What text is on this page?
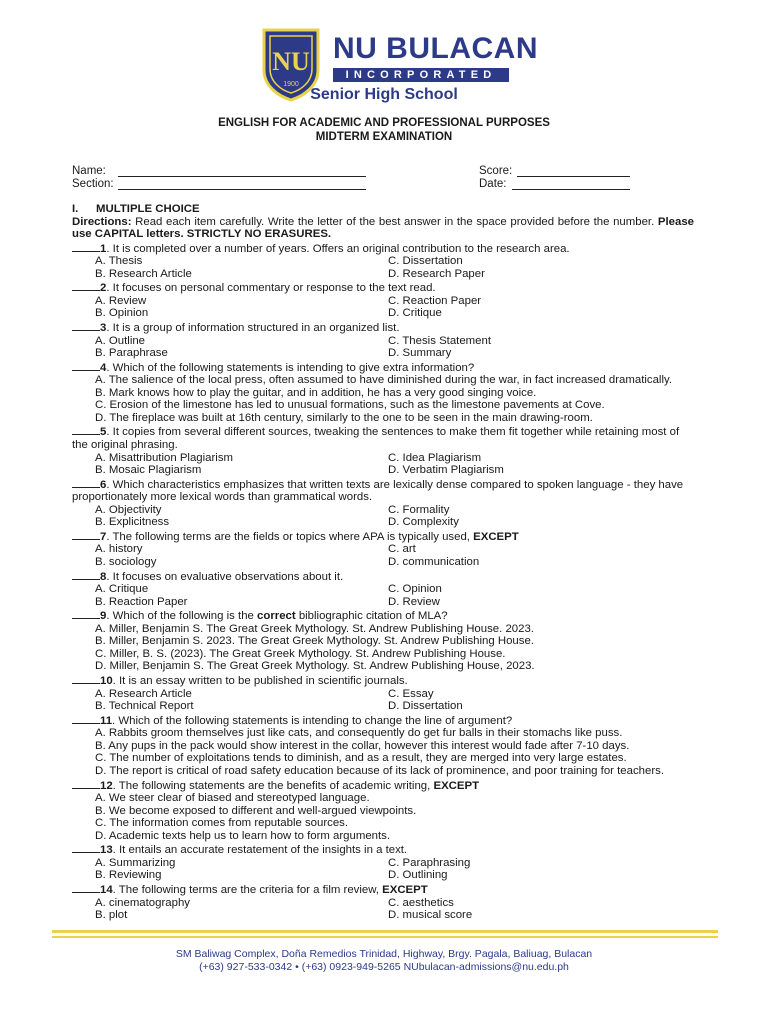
NU
1900
NU BULACAN
INCORPORATED
Senior High School
ENGLISH FOR ACADEMIC AND PROFESSIONAL PURPOSES
MIDTERM EXAMINATION
Name:	Score:
Section:	Date:
I. MULTIPLE CHOICE
Directions: Read each item carefully. Write the letter of the best answer in the space provided before the number. Please use CAPITAL letters. STRICTLY NO ERASURES.
1. It is completed over a number of years. Offers an original contribution to the research area.
A. Thesis	C. Dissertation
B. Research Article	D. Research Paper
2. It focuses on personal commentary or response to the text read.
A. Review	C. Reaction Paper
B. Opinion	D. Critique
3. It is a group of information structured in an organized list.
A. Outline	C. Thesis Statement
B. Paraphrase	D. Summary
4. Which of the following statements is intending to give extra information?
A. The salience of the local press, often assumed to have diminished during the war, in fact increased dramatically.
B. Mark knows how to play the guitar, and in addition, he has a very good singing voice.
C. Erosion of the limestone has led to unusual formations, such as the limestone pavements at Cove.
D. The fireplace was built at 16th century, similarly to the one to be seen in the main drawing-room.
5. It copies from several different sources, tweaking the sentences to make them fit together while retaining most of the original phrasing.
A. Misattribution Plagiarism	C. Idea Plagiarism
B. Mosaic Plagiarism	D. Verbatim Plagiarism
6. Which characteristics emphasizes that written texts are lexically dense compared to spoken language - they have proportionately more lexical words than grammatical words.
A. Objectivity	C. Formality
B. Explicitness	D. Complexity
7. The following terms are the fields or topics where APA is typically used, EXCEPT
A. history	C. art
B. sociology	D. communication
8. It focuses on evaluative observations about it.
A. Critique	C. Opinion
B. Reaction Paper	D. Review
9. Which of the following is the correct bibliographic citation of MLA?
A. Miller, Benjamin S. The Great Greek Mythology. St. Andrew Publishing House. 2023.
B. Miller, Benjamin S. 2023. The Great Greek Mythology. St. Andrew Publishing House.
C. Miller, B. S. (2023). The Great Greek Mythology. St. Andrew Publishing House.
D. Miller, Benjamin S. The Great Greek Mythology. St. Andrew Publishing House, 2023.
10. It is an essay written to be published in scientific journals.
A. Research Article	C. Essay
B. Technical Report	D. Dissertation
11. Which of the following statements is intending to change the line of argument?
A. Rabbits groom themselves just like cats, and consequently do get fur balls in their stomachs like puss.
B. Any pups in the pack would show interest in the collar, however this interest would fade after 7-10 days.
C. The number of exploitations tends to diminish, and as a result, they are merged into very large estates.
D. The report is critical of road safety education because of its lack of prominence, and poor training for teachers.
12. The following statements are the benefits of academic writing, EXCEPT
A. We steer clear of biased and stereotyped language.
B. We become exposed to different and well-argued viewpoints.
C. The information comes from reputable sources.
D. Academic texts help us to learn how to form arguments.
13. It entails an accurate restatement of the insights in a text.
A. Summarizing	C. Paraphrasing
B. Reviewing	D. Outlining
14. The following terms are the criteria for a film review, EXCEPT
A. cinematography	C. aesthetics
B. plot	D. musical score
SM Baliwag Complex, Doña Remedios Trinidad, Highway, Brgy. Pagala, Baliuag, Bulacan
(+63) 927-533-0342 • (+63) 0923-949-5265 NUbulacan-admissions@nu.edu.ph
